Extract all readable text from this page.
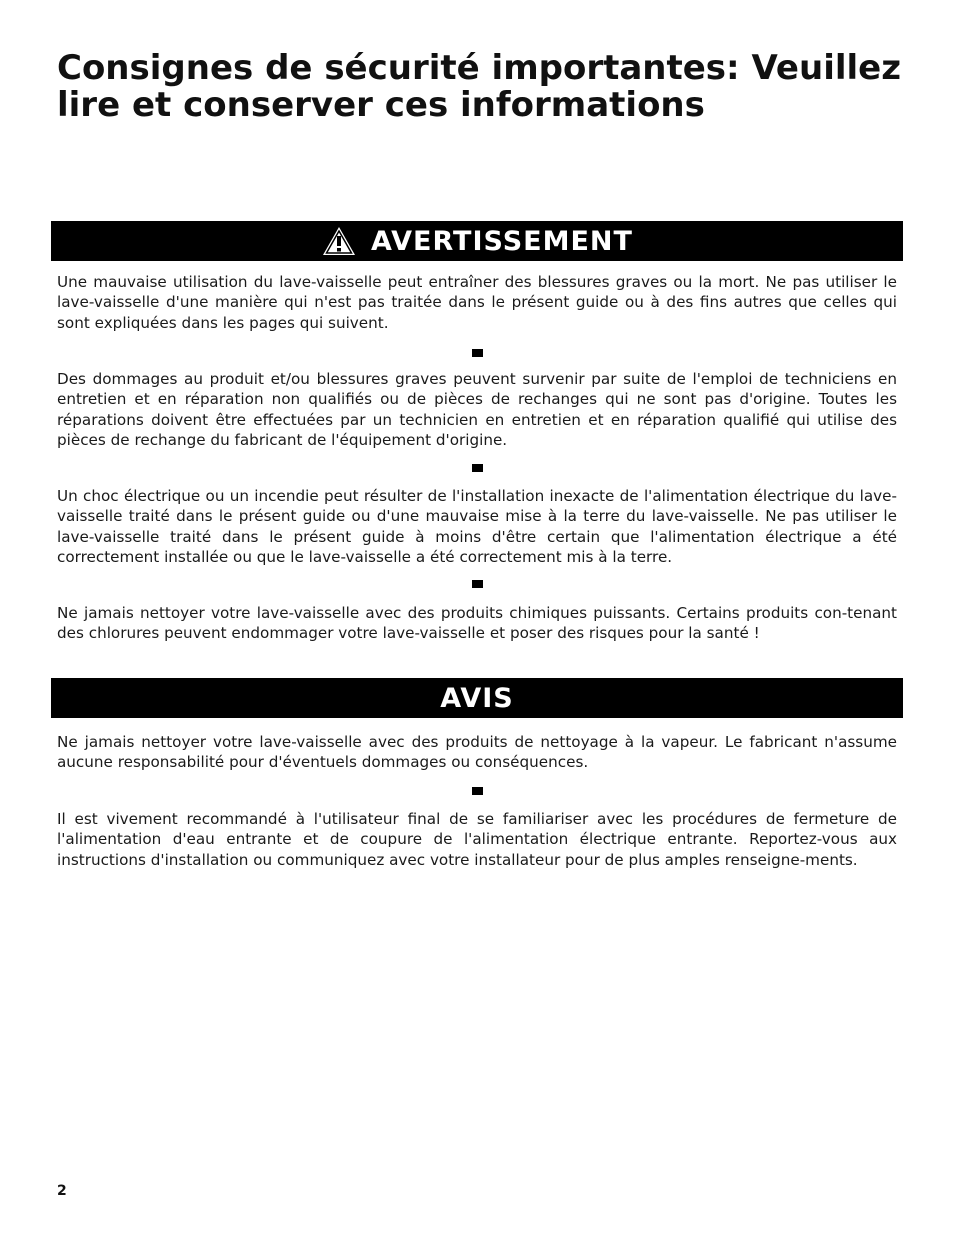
Consignes de sécurité importantes: Veuillez lire et conserver ces informations
AVERTISSEMENT

Une mauvaise utilisation du lave-vaisselle peut entraîner des blessures graves ou la mort. Ne pas utiliser le lave-vaisselle d'une manière qui n'est pas traitée dans le présent guide ou à des fins autres que celles qui sont expliquées dans les pages qui suivent.

Des dommages au produit et/ou blessures graves peuvent survenir par suite de l'emploi de techniciens en entretien et en réparation non qualifiés ou de pièces de rechanges qui ne sont pas d'origine. Toutes les réparations doivent être effectuées par un technicien en entretien et en réparation qualifié qui utilise des pièces de rechange du fabricant de l'équipement d'origine.

Un choc électrique ou un incendie peut résulter de l'installation inexacte de l'alimentation électrique du lave-vaisselle traité dans le présent guide ou d'une mauvaise mise à la terre du lave-vaisselle. Ne pas utiliser le lave-vaisselle traité dans le présent guide à moins d'être certain que l'alimentation électrique a été correctement installée ou que le lave-vaisselle a été correctement mis à la terre.

Ne jamais nettoyer votre lave-vaisselle avec des produits chimiques puissants. Certains produits con-tenant des chlorures peuvent endommager votre lave-vaisselle et poser des risques pour la santé !

AVIS

Ne jamais nettoyer votre lave-vaisselle avec des produits de nettoyage à la vapeur. Le fabricant n'assume aucune responsabilité pour d'éventuels dommages ou conséquences.

Il est vivement recommandé à l'utilisateur final de se familiariser avec les procédures de fermeture de l'alimentation d'eau entrante et de coupure de l'alimentation électrique entrante. Reportez-vous aux instructions d'installation ou communiquez avec votre installateur pour de plus amples renseigne-ments.

2
